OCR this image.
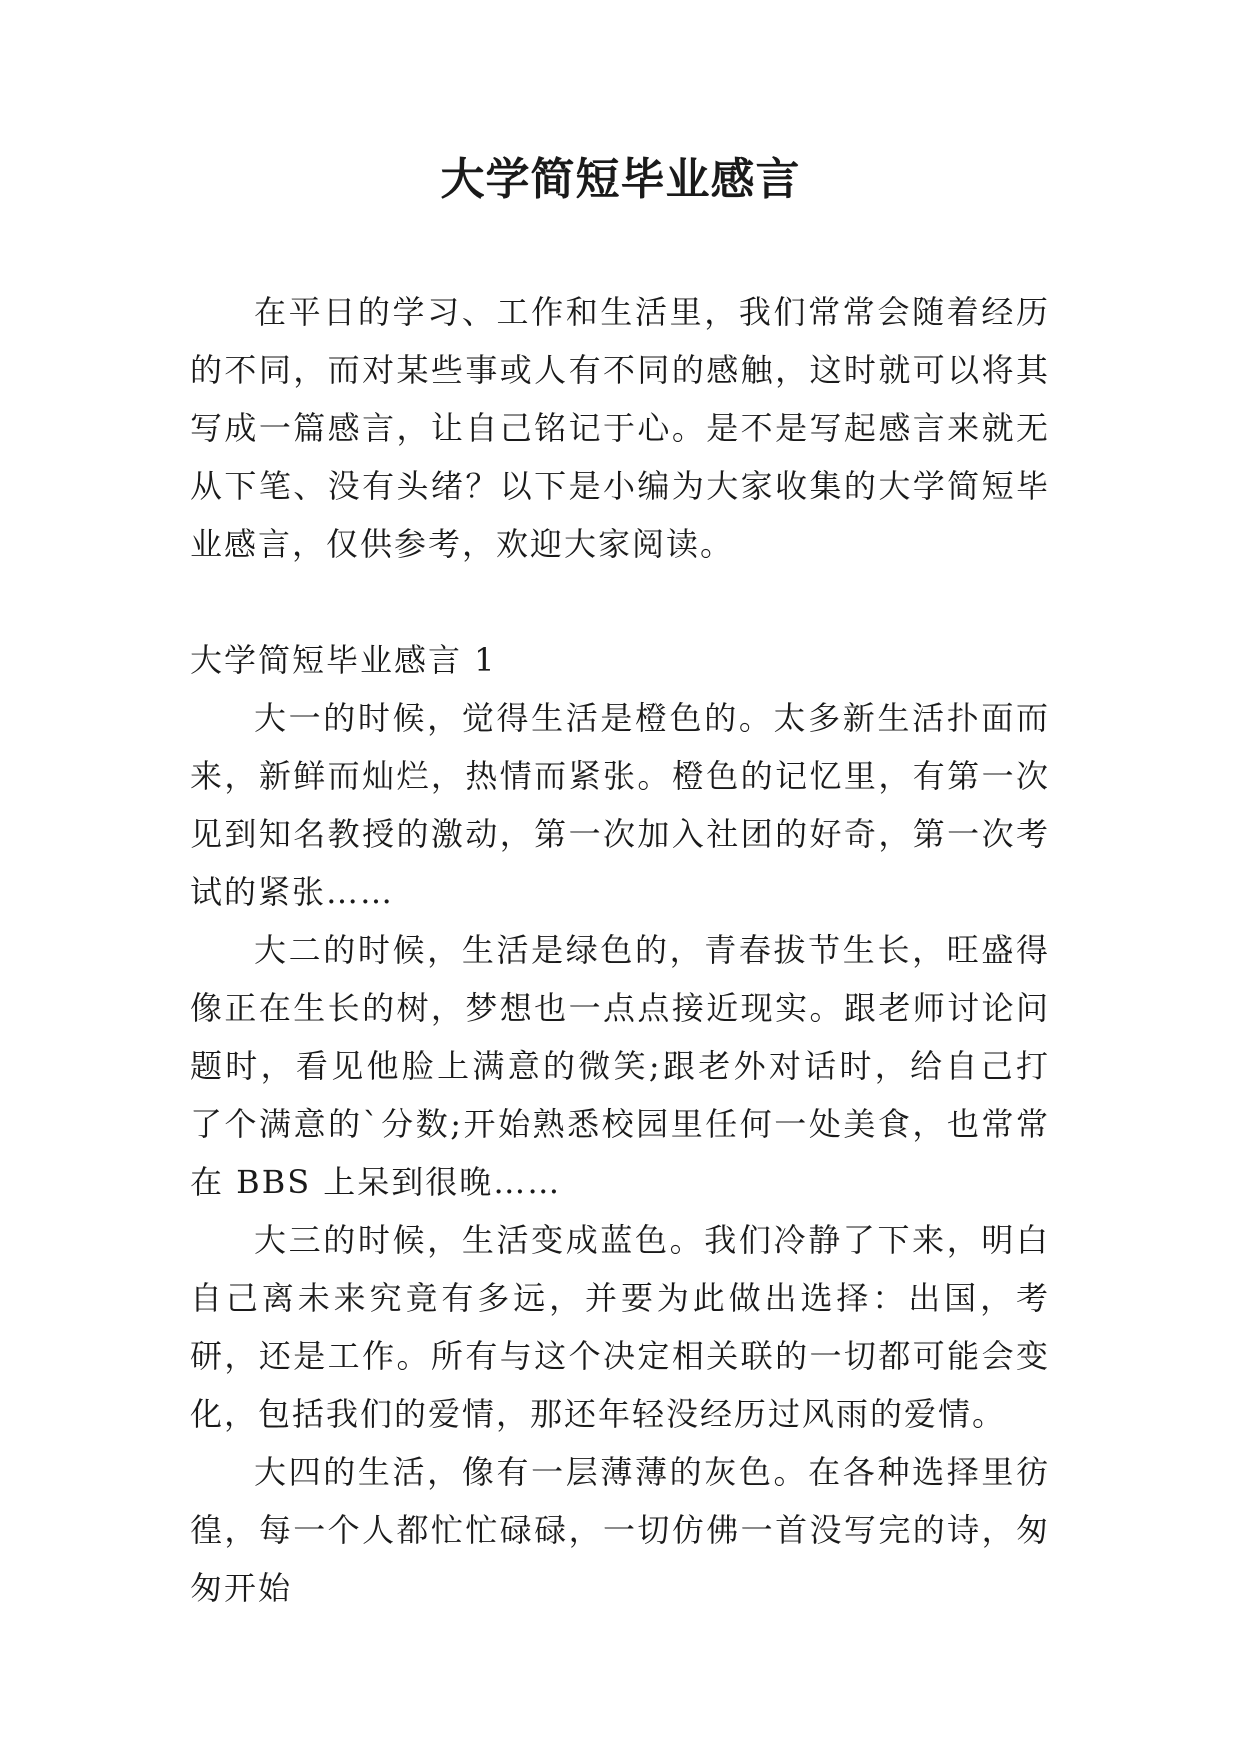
大学简短毕业感言

在平日的学习、工作和生活里，我们常常会随着经历的不同，而对某些事或人有不同的感触，这时就可以将其写成一篇感言，让自己铭记于心。是不是写起感言来就无从下笔、没有头绪？以下是小编为大家收集的大学简短毕业感言，仅供参考，欢迎大家阅读。

大学简短毕业感言 1

大一的时候，觉得生活是橙色的。太多新生活扑面而来，新鲜而灿烂，热情而紧张。橙色的记忆里，有第一次见到知名教授的激动，第一次加入社团的好奇，第一次考试的紧张……

大二的时候，生活是绿色的，青春拔节生长，旺盛得像正在生长的树，梦想也一点点接近现实。跟老师讨论问题时，看见他脸上满意的微笑;跟老外对话时，给自己打了个满意的`分数;开始熟悉校园里任何一处美食，也常常在 BBS 上呆到很晚……

大三的时候，生活变成蓝色。我们冷静了下来，明白自己离未来究竟有多远，并要为此做出选择：出国，考研，还是工作。所有与这个决定相关联的一切都可能会变化，包括我们的爱情，那还年轻没经历过风雨的爱情。

大四的生活，像有一层薄薄的灰色。在各种选择里彷徨，每一个人都忙忙碌碌，一切仿佛一首没写完的诗，匆匆开始
